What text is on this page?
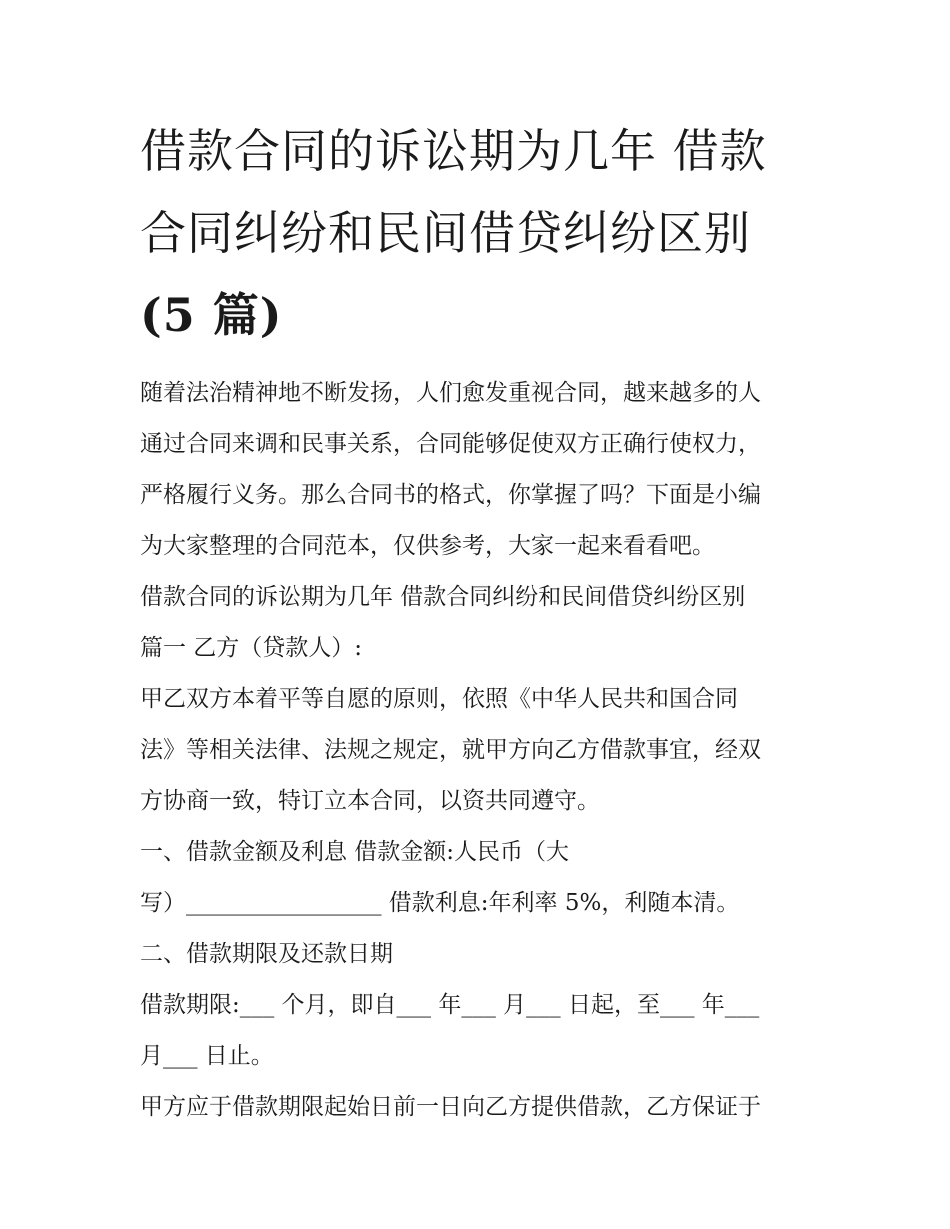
借款合同的诉讼期为几年 借款
合同纠纷和民间借贷纠纷区别
(5 篇)

随着法治精神地不断发扬，人们愈发重视合同，越来越多的人

通过合同来调和民事关系，合同能够促使双方正确行使权力，

严格履行义务。那么合同书的格式，你掌握了吗？下面是小编

为大家整理的合同范本，仅供参考，大家一起来看看吧。

借款合同的诉讼期为几年 借款合同纠纷和民间借贷纠纷区别

篇一 乙方（贷款人）:

甲乙双方本着平等自愿的原则，依照《中华人民共和国合同

法》等相关法律、法规之规定，就甲方向乙方借款事宜，经双

方协商一致，特订立本合同，以资共同遵守。

一、借款金额及利息 借款金额:人民币（大

写）_________________ 借款利息:年利率 5%，利随本清。

二、借款期限及还款日期

借款期限:___ 个月，即自___ 年___ 月___ 日起，至___ 年___

月___ 日止。

甲方应于借款期限起始日前一日向乙方提供借款，乙方保证于
